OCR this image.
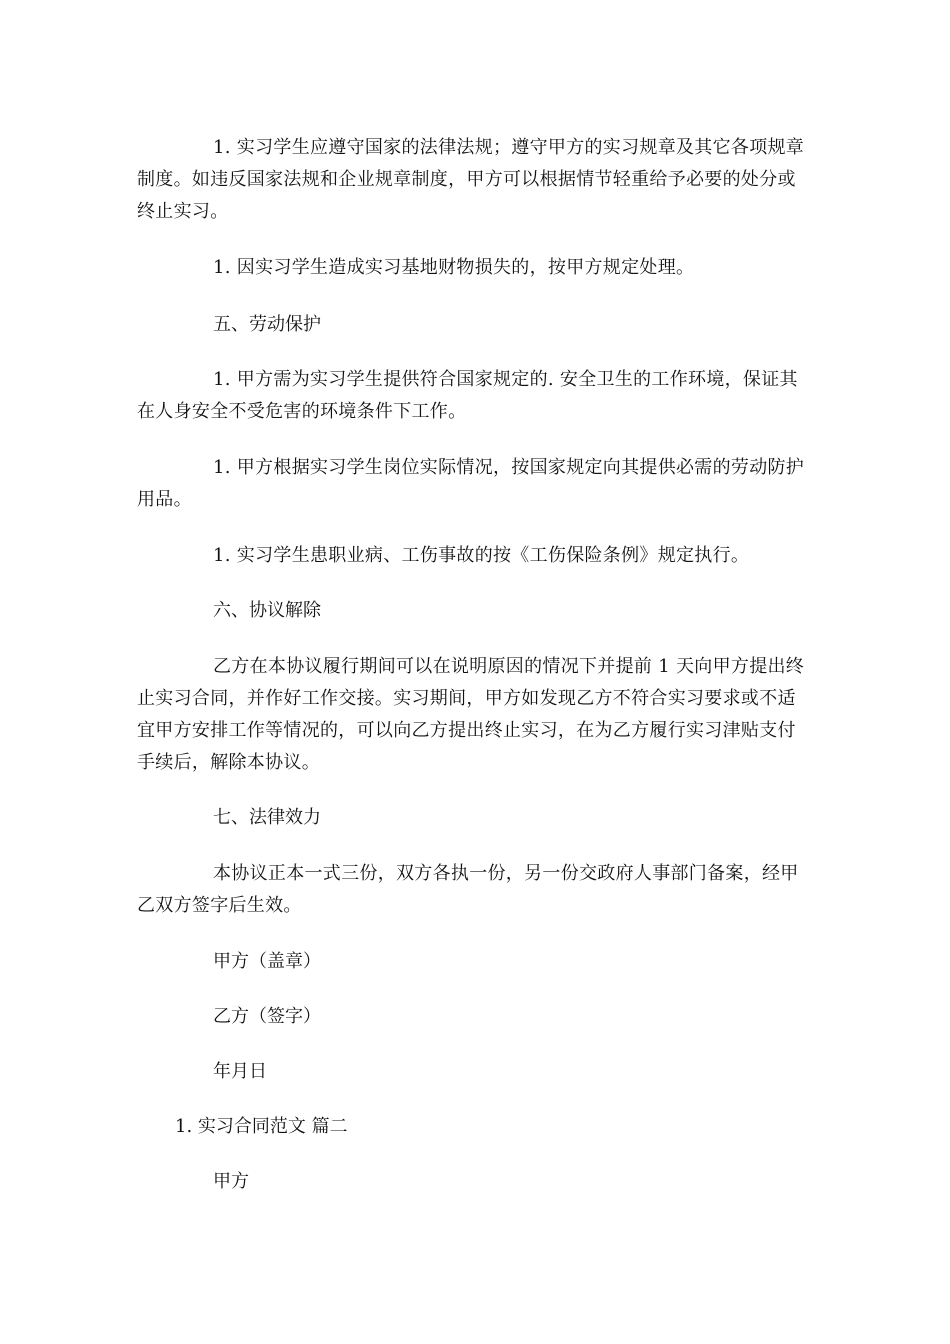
1. 实习学生应遵守国家的法律法规；遵守甲方的实习规章及其它各项规章制度。如违反国家法规和企业规章制度，甲方可以根据情节轻重给予必要的处分或终止实习。

1. 因实习学生造成实习基地财物损失的，按甲方规定处理。

五、劳动保护

1. 甲方需为实习学生提供符合国家规定的. 安全卫生的工作环境，保证其在人身安全不受危害的环境条件下工作。

1. 甲方根据实习学生岗位实际情况，按国家规定向其提供必需的劳动防护用品。

1. 实习学生患职业病、工伤事故的按《工伤保险条例》规定执行。

六、协议解除

乙方在本协议履行期间可以在说明原因的情况下并提前 1 天向甲方提出终止实习合同，并作好工作交接。实习期间，甲方如发现乙方不符合实习要求或不适宜甲方安排工作等情况的，可以向乙方提出终止实习，在为乙方履行实习津贴支付手续后，解除本协议。

七、法律效力

本协议正本一式三份，双方各执一份，另一份交政府人事部门备案，经甲乙双方签字后生效。

甲方（盖章）

乙方（签字）

年月日

1. 实习合同范文 篇二

甲方
